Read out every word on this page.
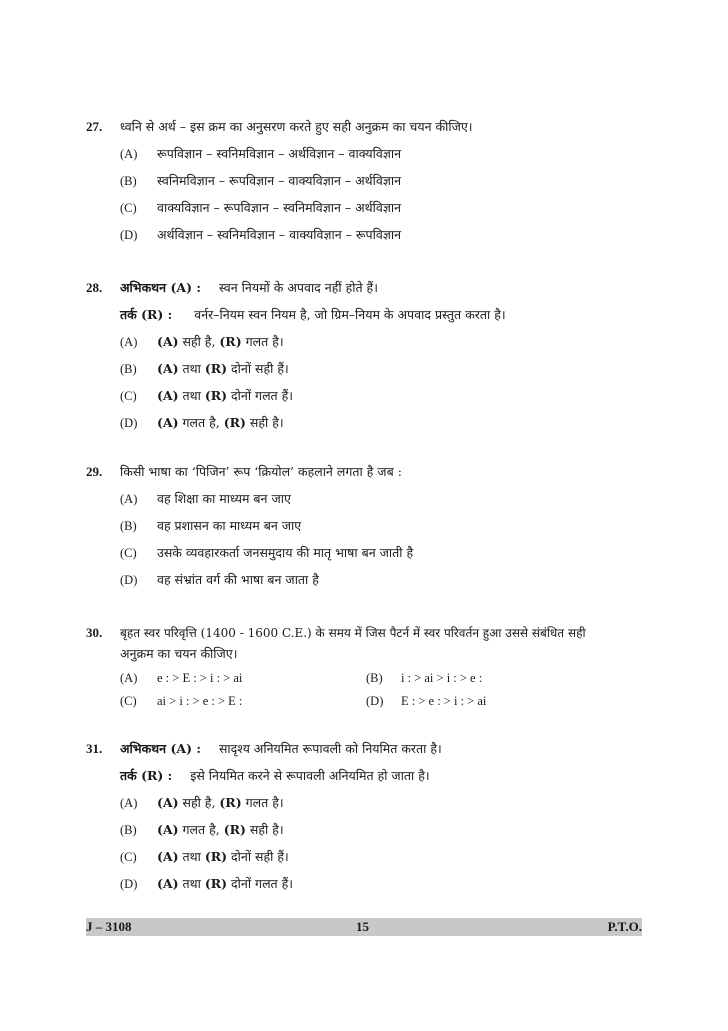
27. ध्वनि से अर्थ – इस क्रम का अनुसरण करते हुए सही अनुक्रम का चयन कीजिए।
(A) रूपविज्ञान – स्वनिमविज्ञान – अर्थविज्ञान – वाक्यविज्ञान
(B) स्वनिमविज्ञान – रूपविज्ञान – वाक्यविज्ञान – अर्थविज्ञान
(C) वाक्यविज्ञान – रूपविज्ञान – स्वनिमविज्ञान – अर्थविज्ञान
(D) अर्थविज्ञान – स्वनिमविज्ञान – वाक्यविज्ञान – रूपविज्ञान
28. अभिकथन (A) : स्वन नियमों के अपवाद नहीं होते हैं।
तर्क (R) : वर्नर–नियम स्वन नियम है, जो ग्रिम–नियम के अपवाद प्रस्तुत करता है।
(A) (A) सही है, (R) गलत है।
(B) (A) तथा (R) दोनों सही हैं।
(C) (A) तथा (R) दोनों गलत हैं।
(D) (A) गलत है, (R) सही है।
29. किसी भाषा का ‘पिजिन’ रूप ‘क्रियोल’ कहलाने लगता है जब :
(A) वह शिक्षा का माध्यम बन जाए
(B) वह प्रशासन का माध्यम बन जाए
(C) उसके व्यवहारकर्ता जनसमुदाय की मातृ भाषा बन जाती है
(D) वह संभ्रांत वर्ग की भाषा बन जाता है
30. बृहत स्वर परिवृत्ति (1400 - 1600 C.E.) के समय में जिस पैटर्न में स्वर परिवर्तन हुआ उससे संबंधित सही
अनुक्रम का चयन कीजिए।
(A) e : > E : > i : > ai	(B) i : > ai > i : > e :
(C) ai > i : > e : > E :	(D) E : > e : > i : > ai
31. अभिकथन (A) : सादृश्य अनियमित रूपावली को नियमित करता है।
तर्क (R) : इसे नियमित करने से रूपावली अनियमित हो जाता है।
(A) (A) सही है, (R) गलत है।
(B) (A) गलत है, (R) सही है।
(C) (A) तथा (R) दोनों सही हैं।
(D) (A) तथा (R) दोनों गलत हैं।
J – 3108	15	P.T.O.
